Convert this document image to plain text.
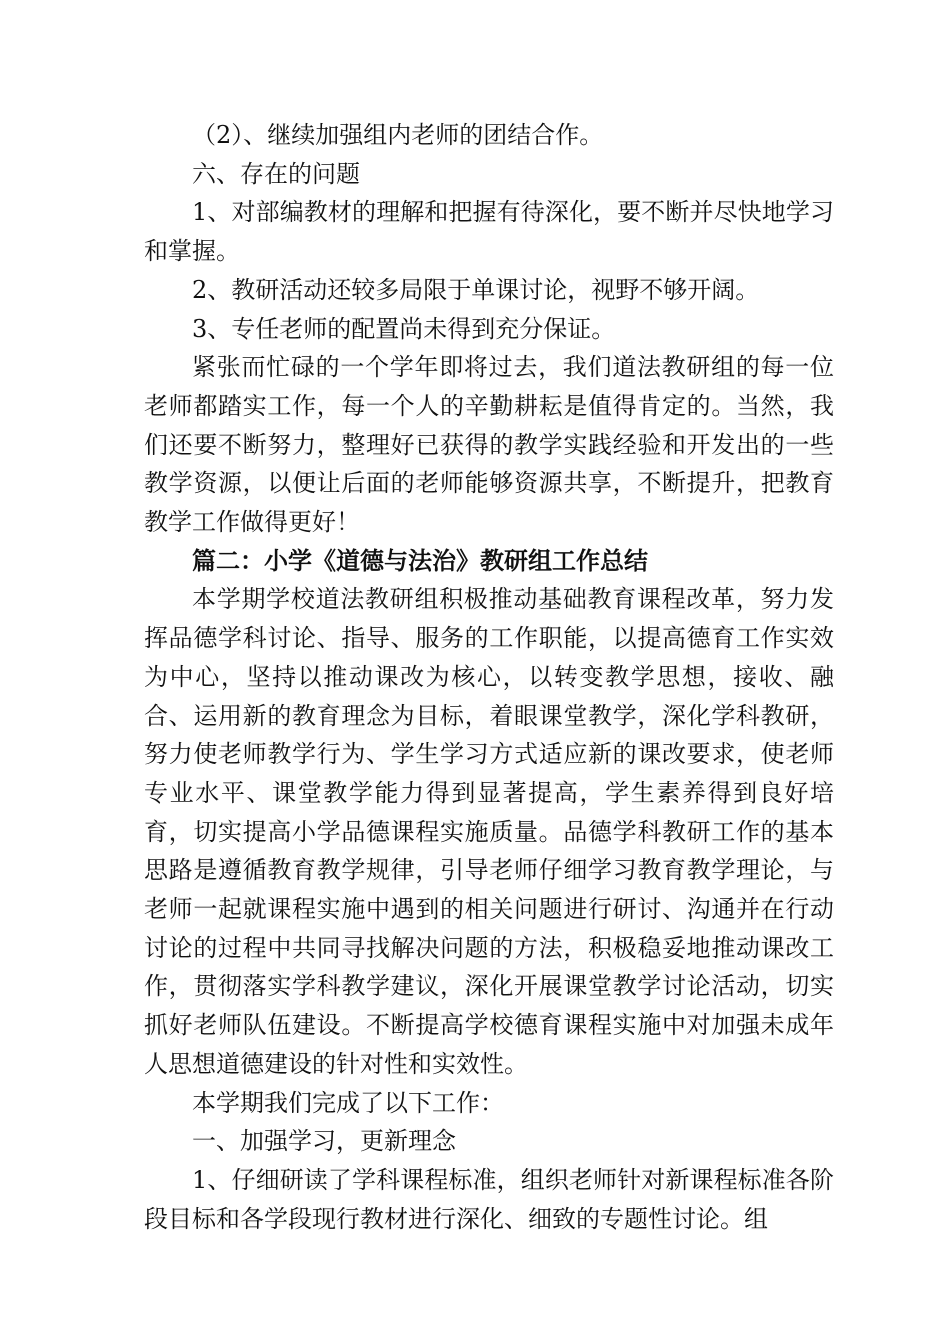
（2）、继续加强组内老师的团结合作。

六、存在的问题

1、对部编教材的理解和把握有待深化，要不断并尽快地学习和掌握。

2、教研活动还较多局限于单课讨论，视野不够开阔。

3、专任老师的配置尚未得到充分保证。

紧张而忙碌的一个学年即将过去，我们道法教研组的每一位老师都踏实工作，每一个人的辛勤耕耘是值得肯定的。当然，我们还要不断努力，整理好已获得的教学实践经验和开发出的一些教学资源，以便让后面的老师能够资源共享，不断提升，把教育教学工作做得更好！

篇二：小学《道德与法治》教研组工作总结

本学期学校道法教研组积极推动基础教育课程改革，努力发挥品德学科讨论、指导、服务的工作职能，以提高德育工作实效为中心，坚持以推动课改为核心，以转变教学思想，接收、融合、运用新的教育理念为目标，着眼课堂教学，深化学科教研，努力使老师教学行为、学生学习方式适应新的课改要求，使老师专业水平、课堂教学能力得到显著提高，学生素养得到良好培育，切实提高小学品德课程实施质量。品德学科教研工作的基本思路是遵循教育教学规律，引导老师仔细学习教育教学理论，与老师一起就课程实施中遇到的相关问题进行研讨、沟通并在行动讨论的过程中共同寻找解决问题的方法，积极稳妥地推动课改工作，贯彻落实学科教学建议，深化开展课堂教学讨论活动，切实抓好老师队伍建设。不断提高学校德育课程实施中对加强未成年人思想道德建设的针对性和实效性。

本学期我们完成了以下工作：

一、加强学习，更新理念

1、仔细研读了学科课程标准，组织老师针对新课程标准各阶段目标和各学段现行教材进行深化、细致的专题性讨论。组
